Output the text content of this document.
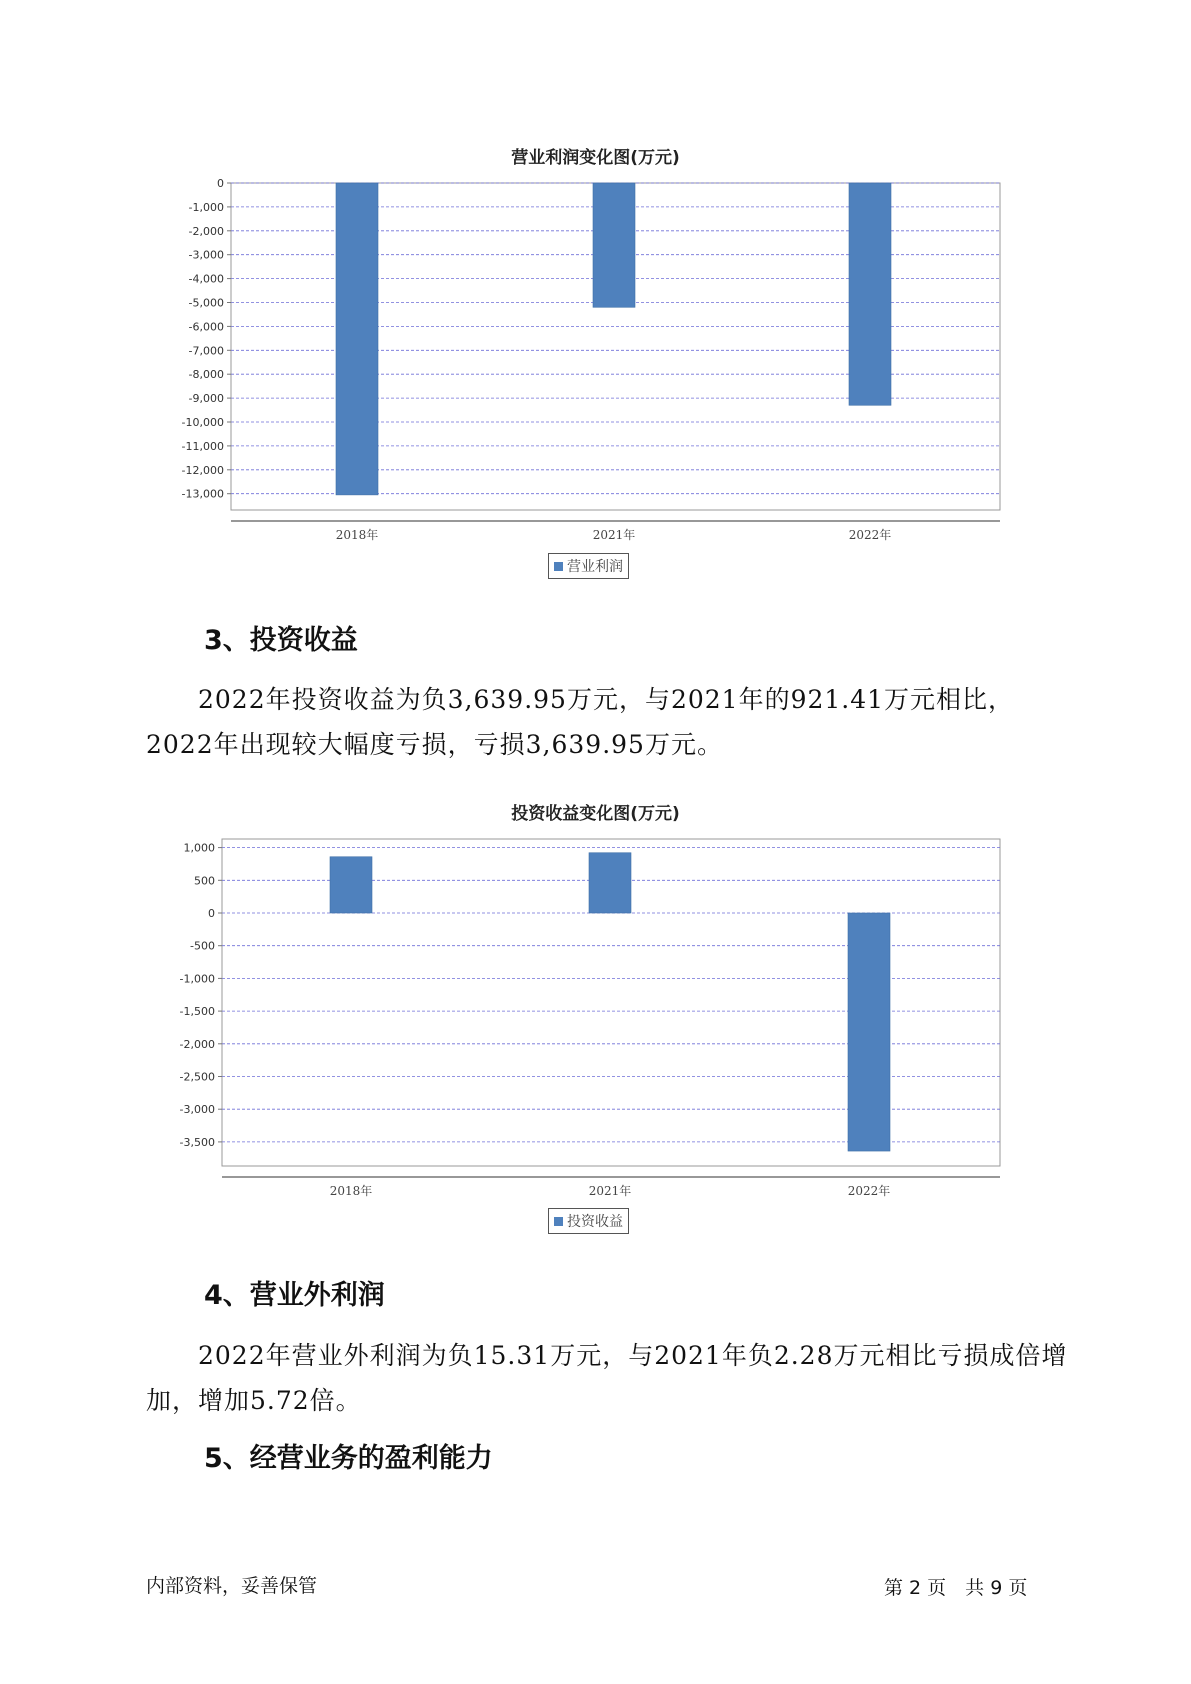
营业利润变化图(万元)
0
-1,000
-2,000
-3,000
-4,000
-5,000
-6,000
-7,000
-8,000
-9,000
-10,000
-11,000
-12,000
-13,000
2018年	2021年	2022年
营业利润
3、投资收益

2022年投资收益为负3,639.95万元，与2021年的921.41万元相比，2022年出现较大幅度亏损，亏损3,639.95万元。

投资收益变化图(万元)
1,000
500
0
-500
-1,000
-1,500
-2,000
-2,500
-3,000
-3,500
2018年	2021年	2022年
投资收益
4、营业外利润

2022年营业外利润为负15.31万元，与2021年负2.28万元相比亏损成倍增加，增加5.72倍。

5、经营业务的盈利能力
内部资料，妥善保管	第 2 页　共 9 页
